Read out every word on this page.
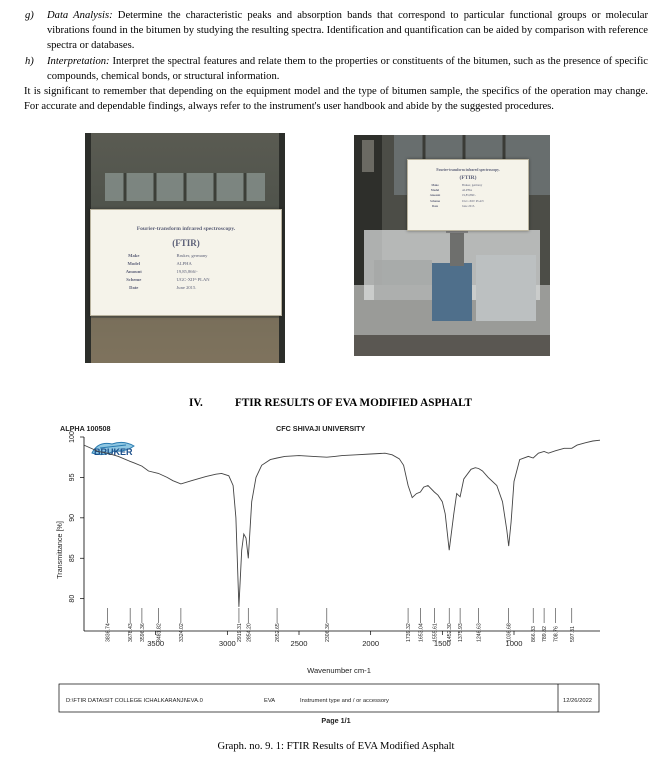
g) Data Analysis: Determine the characteristic peaks and absorption bands that correspond to particular functional groups or molecular vibrations found in the bitumen by studying the resulting spectra. Identification and quantification can be aided by comparison with reference spectra or databases.
h) Interpretation: Interpret the spectral features and relate them to the properties or constituents of the bitumen, such as the presence of specific compounds, chemical bonds, or structural information.
It is significant to remember that depending on the equipment model and the type of bitumen sample, the specifics of the operation may change. For accurate and dependable findings, always refer to the instrument's user handbook and abide by the suggested procedures.
Fourier-transform infrared spectroscopy.
(FTIR)
Make	Bruker, germany
Model	ALPHA
Amount	19,85,866/-
Scheme	UGC-XIIᵗʰ PLAN
Date	June 2015.
Fourier-transform infrared spectroscopy.
(FTIR)
Make	Bruker, germany
Model	ALPHA
Amount	19,85,866/-
Scheme	UGC-XIIᵗʰ PLAN
Date	June 2015.
IV.	FTIR RESULTS OF EVA MODIFIED ASPHALT
ALPHA 100508	CFC SHIVAJI UNIVERSITY
BRUKER
Transmittance [%]
Wavenumber cm-1
80
85
90
95
100
3500	3000	2500	2000	1500	1000
3836.74	3678.43 3596.36 3481.82	3324.02	2919.31 2854.20	2652.65	2306.36	1739.32 1653.04 1555.61 1452.30 1375.93 1246.63	1036.68	866.33 789.82 708.76 597.31
D:\FTIR DATA\SIT COLLEGE ICHALKARANJI\EVA.0	EVA	Instrument type and / or accessory	12/26/2022
Page 1/1
Graph. no. 9. 1: FTIR Results of EVA Modified Asphalt
